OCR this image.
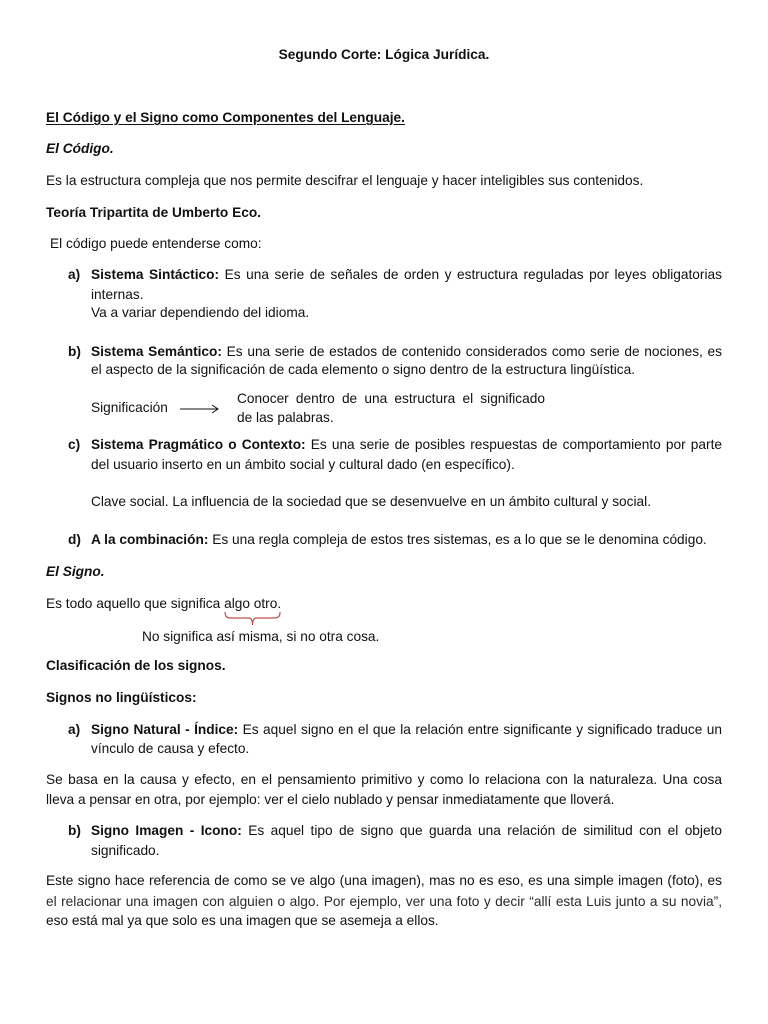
Segundo Corte: Lógica Jurídica.
El Código y el Signo como Componentes del Lenguaje.
El Código.
Es la estructura compleja que nos permite descifrar el lenguaje y hacer inteligibles sus contenidos.
Teoría Tripartita de Umberto Eco.
El código puede entenderse como:
a) Sistema Sintáctico: Es una serie de señales de orden y estructura reguladas por leyes obligatorias
internas.
Va a variar dependiendo del idioma.
b) Sistema Semántico: Es una serie de estados de contenido considerados como serie de nociones, es
el aspecto de la significación de cada elemento o signo dentro de la estructura lingüística.
Significación
Conocer dentro de una estructura el significado
de las palabras.
c) Sistema Pragmático o Contexto: Es una serie de posibles respuestas de comportamiento por parte
del usuario inserto en un ámbito social y cultural dado (en específico).
Clave social. La influencia de la sociedad que se desenvuelve en un ámbito cultural y social.
d) A la combinación: Es una regla compleja de estos tres sistemas, es a lo que se le denomina código.
El Signo.
Es todo aquello que significa algo otro.
No significa así misma, si no otra cosa.
Clasificación de los signos.
Signos no lingüísticos:
a) Signo Natural - Índice: Es aquel signo en el que la relación entre significante y significado traduce un
vínculo de causa y efecto.
Se basa en la causa y efecto, en el pensamiento primitivo y como lo relaciona con la naturaleza. Una cosa
lleva a pensar en otra, por ejemplo: ver el cielo nublado y pensar inmediatamente que lloverá.
b) Signo Imagen - Icono: Es aquel tipo de signo que guarda una relación de similitud con el objeto
significado.
Este signo hace referencia de como se ve algo (una imagen), mas no es eso, es una simple imagen (foto), es
el relacionar una imagen con alguien o algo. Por ejemplo, ver una foto y decir “allí esta Luis junto a su novia”,
eso está mal ya que solo es una imagen que se asemeja a ellos.
